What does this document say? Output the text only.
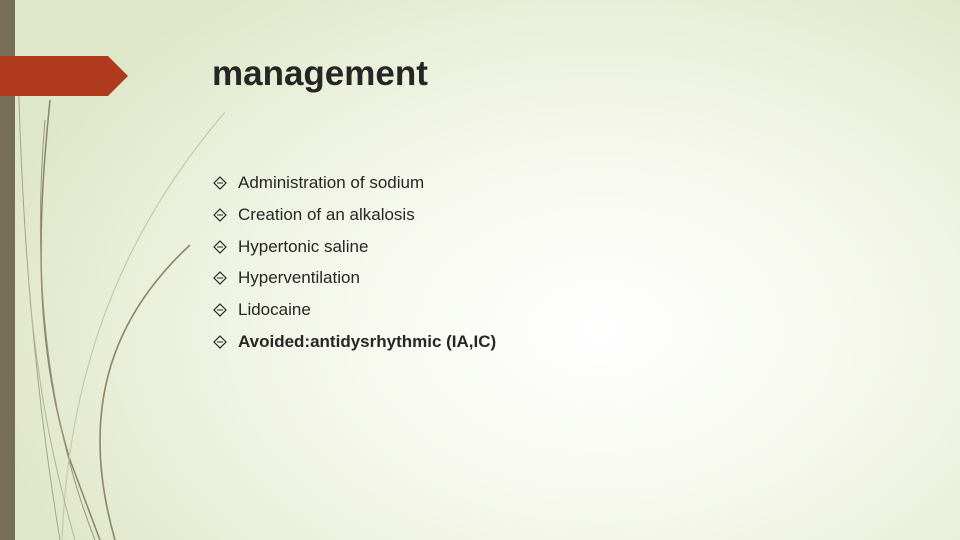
management
Administration of sodium
Creation of an alkalosis
Hypertonic saline
Hyperventilation
Lidocaine
Avoided:antidysrhythmic (IA,IC)
